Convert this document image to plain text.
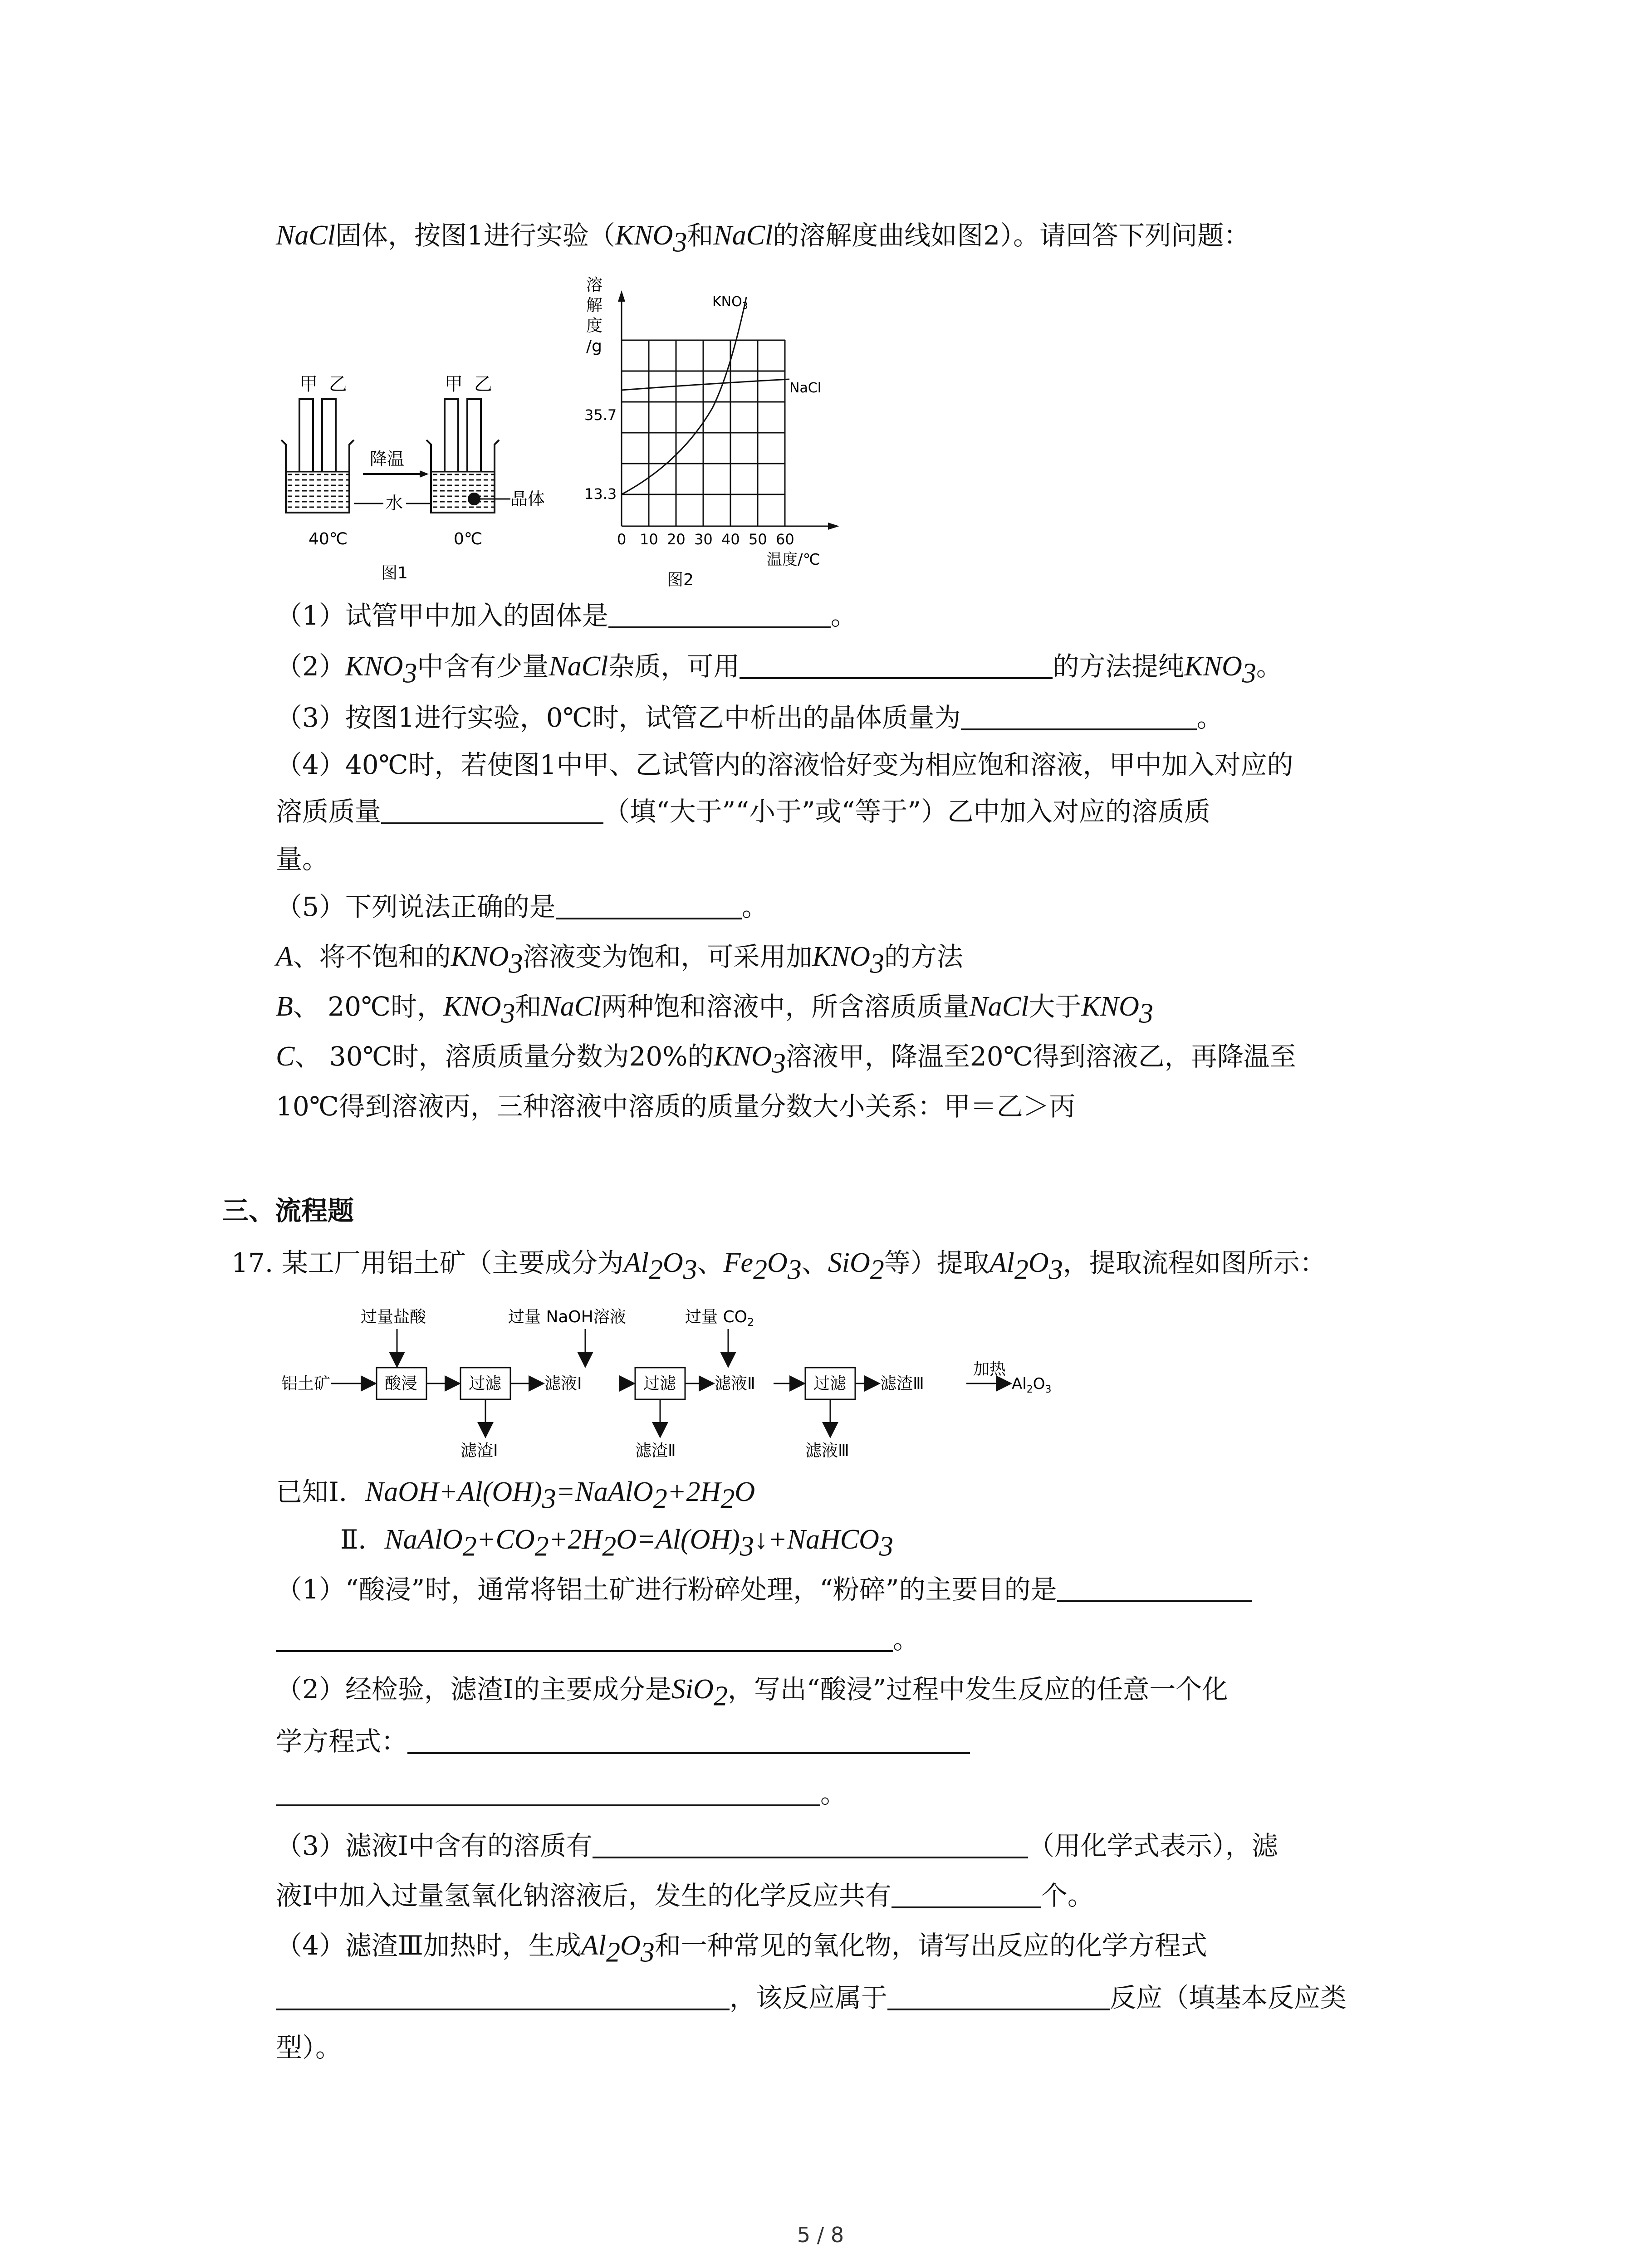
NaCl固体，按图1进行实验（$KNO_3$和NaCl的溶解度曲线如图2）。请回答下列问题：
甲 乙	甲 乙
降温
水	晶体
40℃	0℃
图1
溶
解
度
/g
$KNO_3$
NaCl
35.7
13.3
0 10 20 30 40 50 60
温度/℃
图2
（1）试管甲中加入的固体是	。
$(2)KNO_3$中含有少量NaCl杂质，可用	的方法提纯$KNO_3$。
（3）按图1进行实验，0℃时，试管乙中析出的晶体质量为	。
（4）40℃时，若使图1中甲、乙试管内的溶液恰好变为相应饱和溶液，甲中加入对应的
溶质质量	（填“大于”“小于”或“等于”）乙中加入对应的溶质质
量。
（5）下列说法正确的是	。
A、将不饱和的$KNO_3$溶液变为饱和，可采用加$KNO_3$的方法
B、 20℃时，$KNO_3$和NaCl两种饱和溶液中，所含溶质质量NaCl大于$KNO_3$
C、 30℃时，溶质质量分数为20%的$KNO_3$溶液甲，降温至20℃得到溶液乙，再降温至
10℃得到溶液丙，三种溶液中溶质的质量分数大小关系：甲＝乙＞丙
三、流程题
17. 某工厂用铝土矿（主要成分为$Al_2O_3$、$Fe_2O_3$、SiO$_2$等）提取$Al_2O_3$，提取流程如图所示：
铝土矿
过量盐酸
酸浸	过滤
过量 NaOH溶液
滤液Ⅰ	过滤
过量 $CO_2$
滤液Ⅱ	过滤 滤渣Ⅲ
加热
$Al_2O_3$
滤渣Ⅰ	滤渣Ⅱ	滤液Ⅲ
已知Ⅰ．$NaOH+Al(OH)_3=NaAlO_2+2H_2O$
Ⅱ．$NaAlO_2+CO_2+2H_2O=Al(OH)_3↓+NaHCO_3$
（1）“酸浸”时，通常将铝土矿进行粉碎处理，“粉碎”的主要目的是
。
（2）经检验，滤渣Ⅰ的主要成分是SiO$_2$，写出“酸浸”过程中发生反应的任意一个化
学方程式：
。
（3）滤液Ⅰ中含有的溶质有	（用化学式表示），滤
液Ⅰ中加入过量氢氧化钠溶液后，发生的化学反应共有	个。
（4）滤渣Ⅲ加热时，生成$Al_2O_3$和一种常见的氧化物，请写出反应的化学方程式
，该反应属于	反应（填基本反应类
型）。
5 / 8
